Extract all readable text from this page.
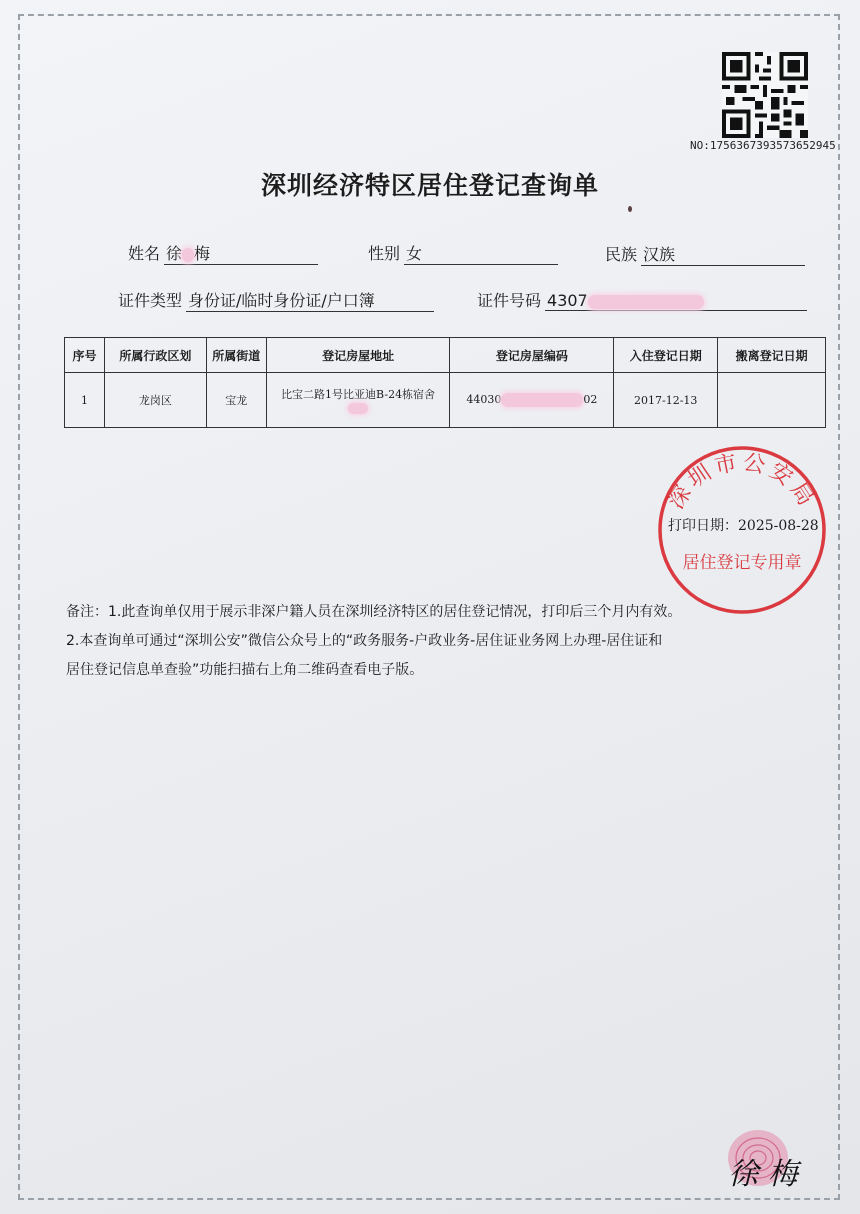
NO:17563673935736529​45
深圳经济特区居住登记查询单
姓名 徐 梅	性别 女	民族 汉族
证件类型 身份证/临时身份证/户口簿	证件号码 4307
序号	所属行政区划	所属街道	登记房屋地址	登记房屋编码	入住登记日期	搬离登记日期
1	龙岗区	宝龙	比宝二路1号比亚迪B-24栋宿舍	44030 02	2017-12-13	
深圳市公安局
居住登记专用章
打印日期：2025-08-28

备注：1.此查询单仅用于展示非深户籍人员在深圳经济特区的居住登记情况，打印后三个月内有效。

2.本查询单可通过“深圳公安”微信公众号上的“政务服务-户政业务-居住证业务网上办理-居住证和

居住登记信息单查验”功能扫描右上角二维码查看电子版。

徐 梅
